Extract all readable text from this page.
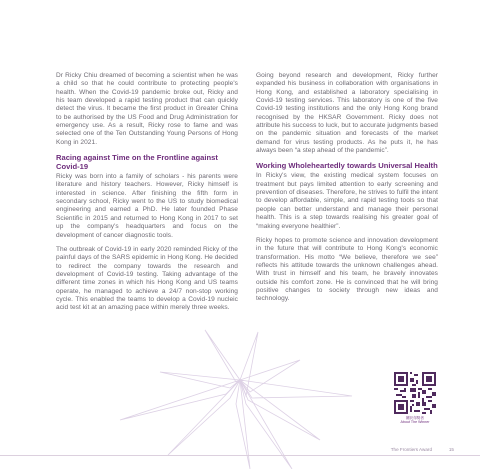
Dr Ricky Chiu dreamed of becoming a scientist when he was a child so that he could contribute to protecting people's health. When the Covid-19 pandemic broke out, Ricky and his team developed a rapid testing product that can quickly detect the virus. It became the first product in Greater China to be authorised by the US Food and Drug Administration for emergency use. As a result, Ricky rose to fame and was selected one of the Ten Outstanding Young Persons of Hong Kong in 2021.

Racing against Time on the Frontline against Covid-19

Ricky was born into a family of scholars - his parents were literature and history teachers. However, Ricky himself is interested in science. After finishing the fifth form in secondary school, Ricky went to the US to study biomedical engineering and earned a PhD. He later founded Phase Scientific in 2015 and returned to Hong Kong in 2017 to set up the company's headquarters and focus on the development of cancer diagnostic tools.

The outbreak of Covid-19 in early 2020 reminded Ricky of the painful days of the SARS epidemic in Hong Kong. He decided to redirect the company towards the research and development of Covid-19 testing. Taking advantage of the different time zones in which his Hong Kong and US teams operate, he managed to achieve a 24/7 non-stop working cycle. This enabled the teams to develop a Covid-19 nucleic acid test kit at an amazing pace within merely three weeks.

Going beyond research and development, Ricky further expanded his business in collaboration with organisations in Hong Kong, and established a laboratory specialising in Covid-19 testing services. This laboratory is one of the five Covid-19 testing institutions and the only Hong Kong brand recognised by the HKSAR Government. Ricky does not attribute his success to luck, but to accurate judgments based on the pandemic situation and forecasts of the market demand for virus testing products. As he puts it, he has always been “a step ahead of the pandemic”.

Working Wholeheartedly towards Universal Health

In Ricky's view, the existing medical system focuses on treatment but pays limited attention to early screening and prevention of diseases. Therefore, he strives to fulfil the intent to develop affordable, simple, and rapid testing tools so that people can better understand and manage their personal health. This is a step towards realising his greater goal of “making everyone healthier”.

Ricky hopes to promote science and innovation development in the future that will contribute to Hong Kong's economic transformation. His motto “We believe, therefore we see” reflects his attitude towards the unknown challenges ahead. With trust in himself and his team, he bravely innovates outside his comfort zone. He is convinced that he will bring positive changes to society through new ideas and technology.

關於得獎者
About The Winner
The Frontiers Award	15
